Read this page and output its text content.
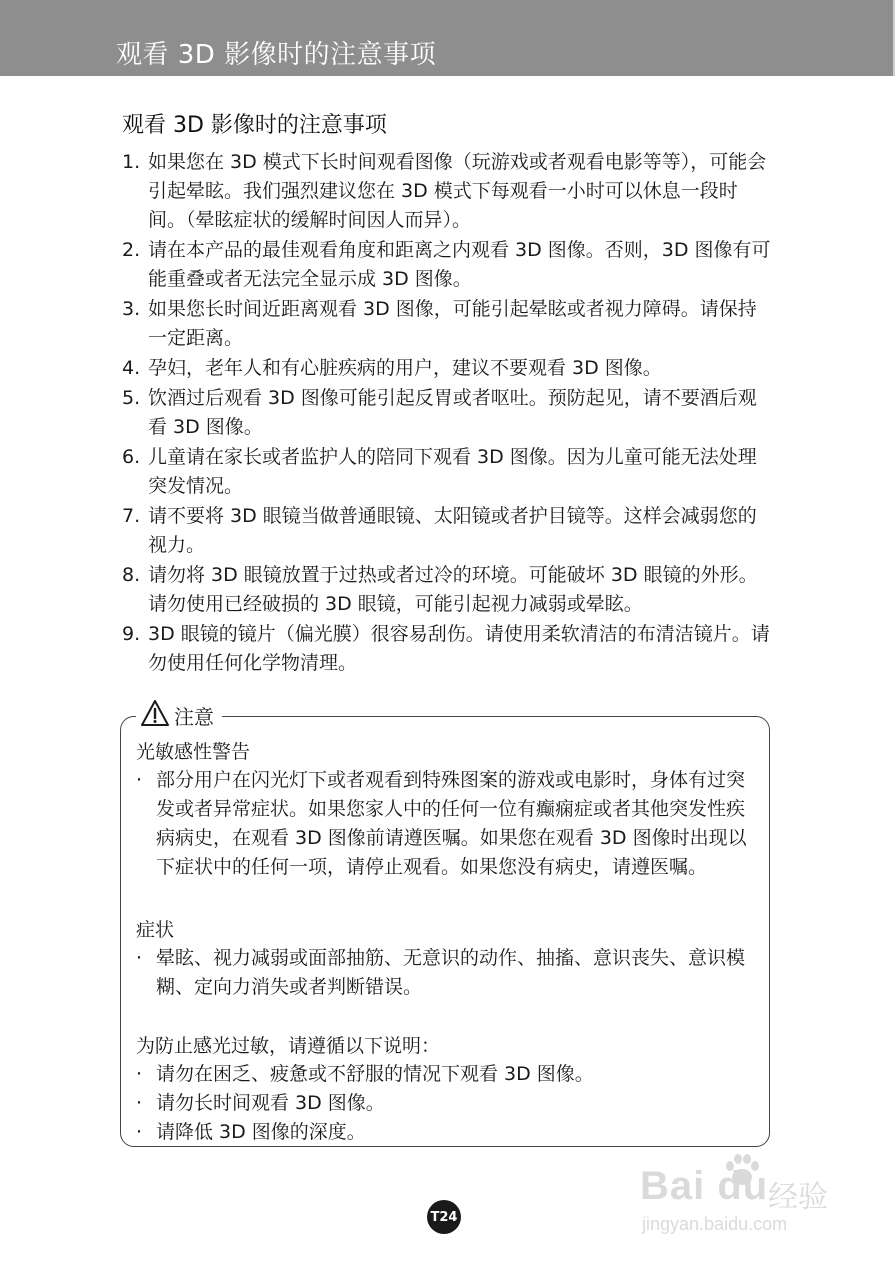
观看 3D 影像时的注意事项
观看 3D 影像时的注意事项
1. 如果您在 3D 模式下长时间观看图像（玩游戏或者观看电影等等），可能会引起晕眩。我们强烈建议您在 3D 模式下每观看一小时可以休息一段时间。（晕眩症状的缓解时间因人而异）。
2. 请在本产品的最佳观看角度和距离之内观看 3D 图像。否则，3D 图像有可能重叠或者无法完全显示成 3D 图像。
3. 如果您长时间近距离观看 3D 图像，可能引起晕眩或者视力障碍。请保持一定距离。
4. 孕妇，老年人和有心脏疾病的用户，建议不要观看 3D 图像。
5. 饮酒过后观看 3D 图像可能引起反胃或者呕吐。预防起见，请不要酒后观看 3D 图像。
6. 儿童请在家长或者监护人的陪同下观看 3D 图像。因为儿童可能无法处理突发情况。
7. 请不要将 3D 眼镜当做普通眼镜、太阳镜或者护目镜等。这样会减弱您的视力。
8. 请勿将 3D 眼镜放置于过热或者过冷的环境。可能破坏 3D 眼镜的外形。请勿使用已经破损的 3D 眼镜，可能引起视力减弱或晕眩。
9. 3D 眼镜的镜片（偏光膜）很容易刮伤。请使用柔软清洁的布清洁镜片。请勿使用任何化学物清理。
注意

光敏感性警告

· 部分用户在闪光灯下或者观看到特殊图案的游戏或电影时，身体有过突发或者异常症状。如果您家人中的任何一位有癫痫症或者其他突发性疾病病史，在观看 3D 图像前请遵医嘱。如果您在观看 3D 图像时出现以下症状中的任何一项，请停止观看。如果您没有病史，请遵医嘱。

症状

· 晕眩、视力减弱或面部抽筋、无意识的动作、抽搐、意识丧失、意识模糊、定向力消失或者判断错误。

为防止感光过敏，请遵循以下说明：

· 请勿在困乏、疲惫或不舒服的情况下观看 3D 图像。
· 请勿长时间观看 3D 图像。
· 请降低 3D 图像的深度。
Bai du 经验
jingyan.baidu.com
T24
